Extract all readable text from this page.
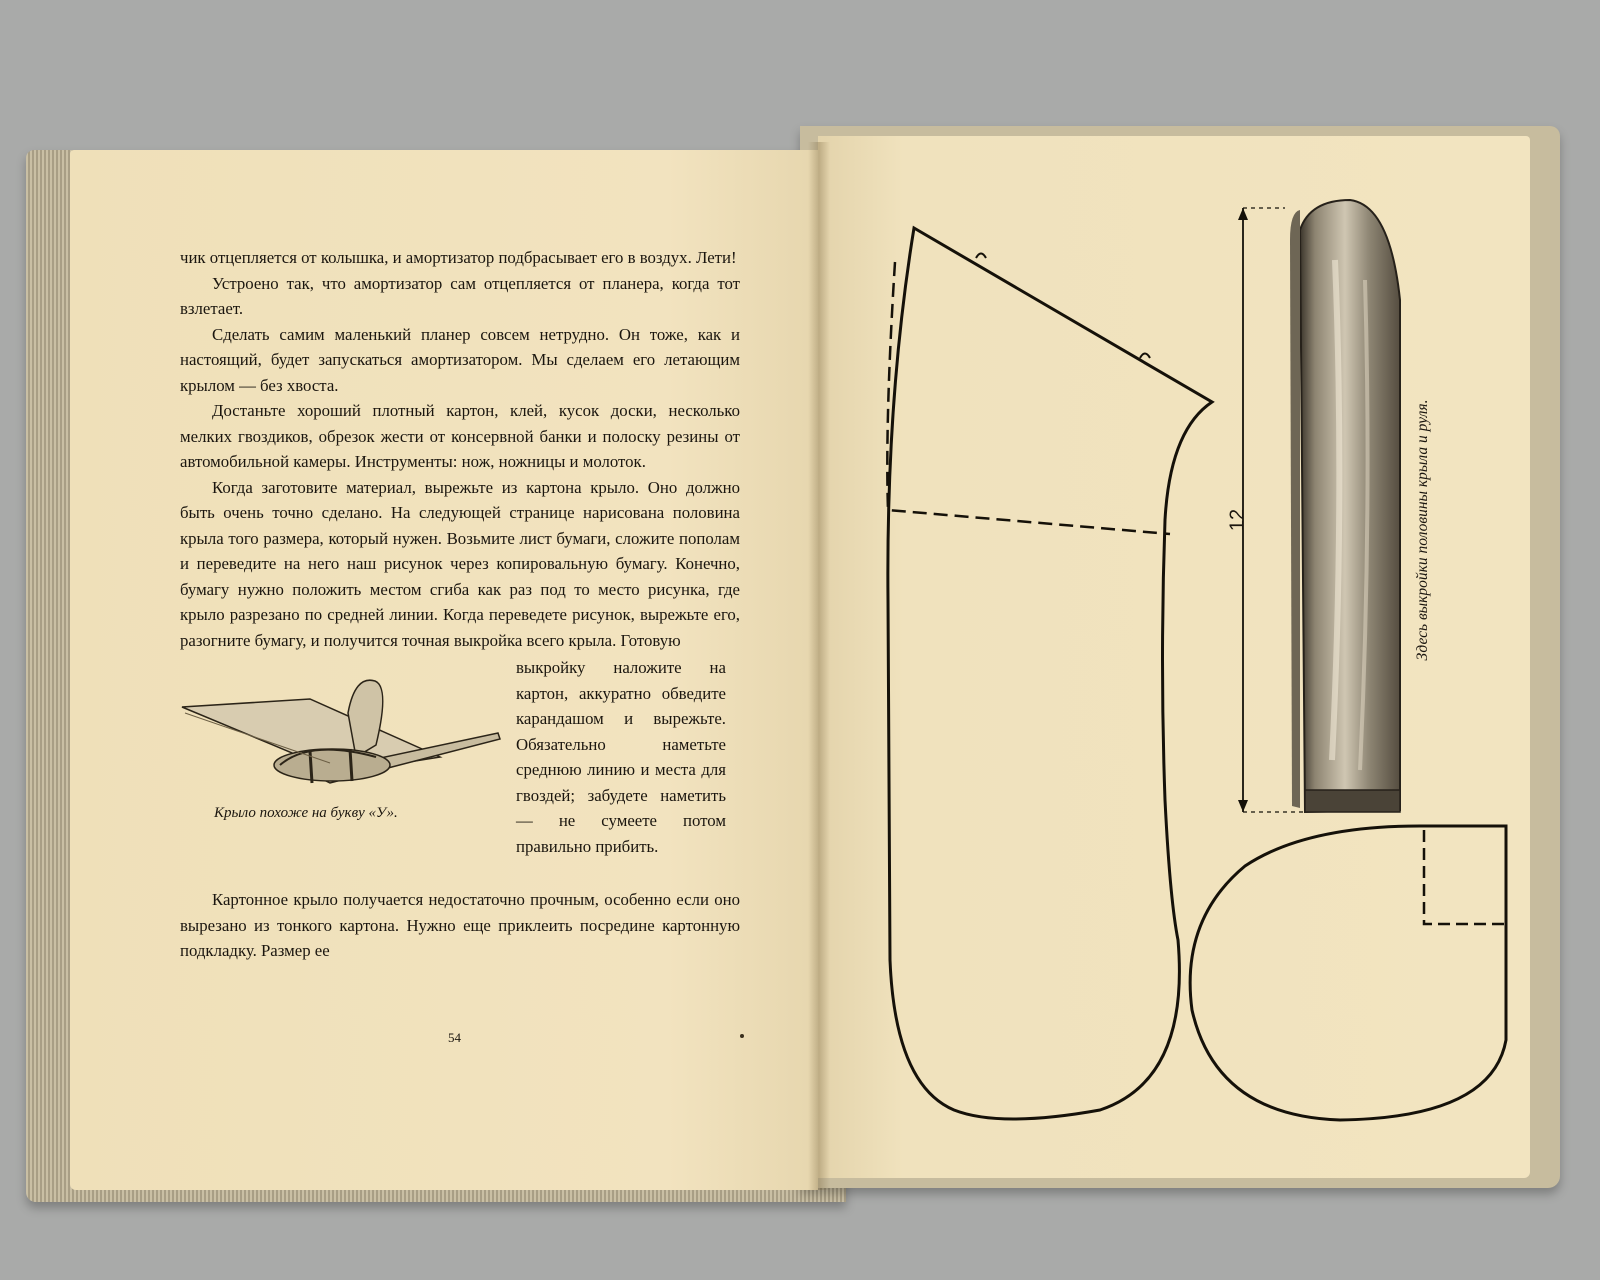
чик отцепляется от колышка, и амортизатор подбрасывает его в воздух. Лети!

Устроено так, что амортизатор сам отцепляется от планера, когда тот взлетает.

Сделать самим маленький планер совсем нетрудно. Он тоже, как и настоящий, будет запускаться амортизатором. Мы сделаем его летающим крылом — без хвоста.

Достаньте хороший плотный картон, клей, кусок доски, несколько мелких гвоздиков, обрезок жести от консервной банки и полоску резины от автомобильной камеры. Инструменты: нож, ножницы и молоток.

Когда заготовите материал, вырежьте из картона крыло. Оно должно быть очень точно сделано. На следующей странице нарисована половина крыла того размера, который нужен. Возьмите лист бумаги, сложите пополам и переведите на него наш рисунок через копировальную бумагу. Конечно, бумагу нужно положить местом сгиба как раз под то место рисунка, где крыло разрезано по средней линии. Когда переведете рисунок, вырежьте его, разогните бумагу, и получится точная выкройка всего крыла. Готовую

Крыло похоже на букву «У».

выкройку наложите на картон, аккуратно обведите карандашом и вырежьте. Обязательно наметьте среднюю линию и места для гвоздей; забудете наметить — не сумеете потом правильно прибить.

Картонное крыло получается недостаточно прочным, особенно если оно вырезано из тонкого картона. Нужно еще приклеить посредине картонную подкладку. Размер ее

54
12	Здесь выкройки половины крыла и руля.
